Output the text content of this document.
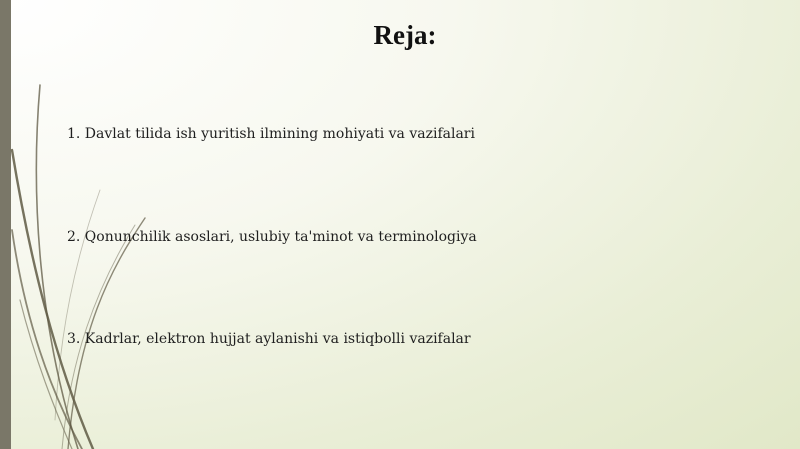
Reja:
1. Davlat tilida ish yuritish ilmining mohiyati va vazifalari
2. Qonunchilik asoslari, uslubiy ta'minot va terminologiya
3. Kadrlar, elektron hujjat aylanishi va istiqbolli vazifalar
